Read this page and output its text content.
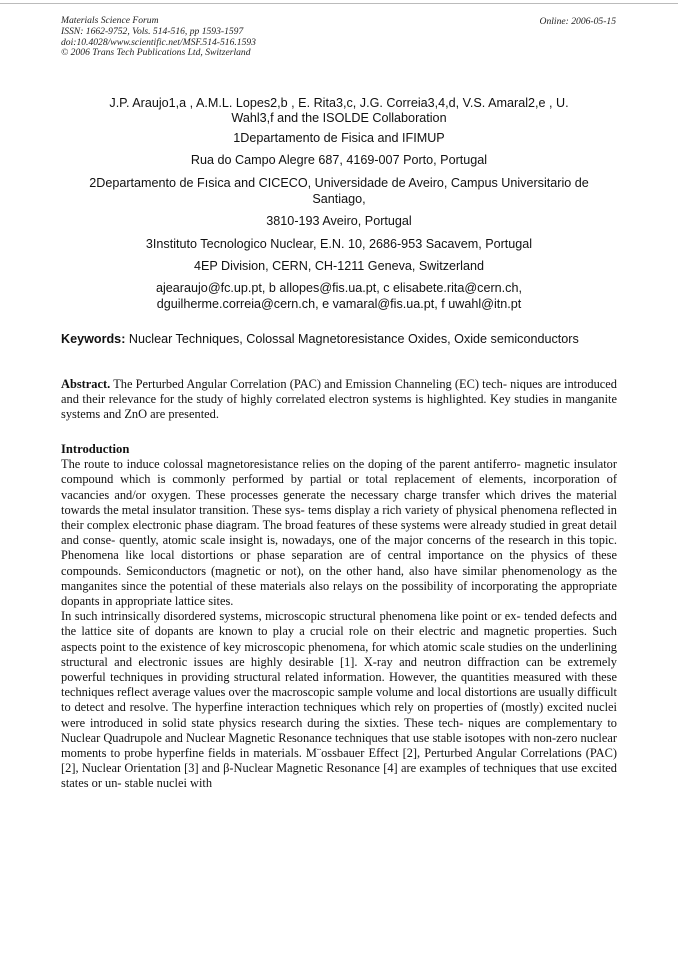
Materials Science Forum
ISSN: 1662-9752, Vols. 514-516, pp 1593-1597
doi:10.4028/www.scientific.net/MSF.514-516.1593
© 2006 Trans Tech Publications Ltd, Switzerland
Online: 2006-05-15
J.P. Araujo1,a , A.M.L. Lopes2,b , E. Rita3,c, J.G. Correia3,4,d, V.S. Amaral2,e , U.
Wahl3,f and the ISOLDE Collaboration
1Departamento de Fisica and IFIMUP
Rua do Campo Alegre 687, 4169-007 Porto, Portugal
2Departamento de Fısica and CICECO, Universidade de Aveiro, Campus Universitario de
Santiago,
3810-193 Aveiro, Portugal
3Instituto Tecnologico Nuclear, E.N. 10, 2686-953 Sacavem, Portugal
4EP Division, CERN, CH-1211 Geneva, Switzerland
ajearaujo@fc.up.pt, b allopes@fis.ua.pt, c elisabete.rita@cern.ch,
dguilherme.correia@cern.ch, e vamaral@fis.ua.pt, f uwahl@itn.pt
Keywords: Nuclear Techniques, Colossal Magnetoresistance Oxides, Oxide semiconductors
Abstract. The Perturbed Angular Correlation (PAC) and Emission Channeling (EC) tech- niques are introduced and their relevance for the study of highly correlated electron systems is highlighted. Key studies in manganite systems and ZnO are presented.
Introduction
The route to induce colossal magnetoresistance relies on the doping of the parent antiferro- magnetic insulator compound which is commonly performed by partial or total replacement of elements, incorporation of vacancies and/or oxygen. These processes generate the necessary charge transfer which drives the material towards the metal insulator transition. These sys- tems display a rich variety of physical phenomena reflected in their complex electronic phase diagram. The broad features of these systems were already studied in great detail and conse- quently, atomic scale insight is, nowadays, one of the major concerns of the research in this topic. Phenomena like local distortions or phase separation are of central importance on the physics of these compounds. Semiconductors (magnetic or not), on the other hand, also have similar phenomenology as the manganites since the potential of these materials also relays on the possibility of incorporating the appropriate dopants in appropriate lattice sites.
In such intrinsically disordered systems, microscopic structural phenomena like point or ex- tended defects and the lattice site of dopants are known to play a crucial role on their electric and magnetic properties. Such aspects point to the existence of key microscopic phenomena, for which atomic scale studies on the underlining structural and electronic issues are highly desirable [1]. X-ray and neutron diffraction can be extremely powerful techniques in providing structural related information. However, the quantities measured with these techniques reflect average values over the macroscopic sample volume and local distortions are usually difficult to detect and resolve. The hyperfine interaction techniques which rely on properties of (mostly) excited nuclei were introduced in solid state physics research during the sixties. These tech- niques are complementary to Nuclear Quadrupole and Nuclear Magnetic Resonance techniques that use stable isotopes with non-zero nuclear moments to probe hyperfine fields in materials. M¨ossbauer Effect [2], Perturbed Angular Correlations (PAC) [2], Nuclear Orientation [3] and β-Nuclear Magnetic Resonance [4] are examples of techniques that use excited states or un- stable nuclei with
